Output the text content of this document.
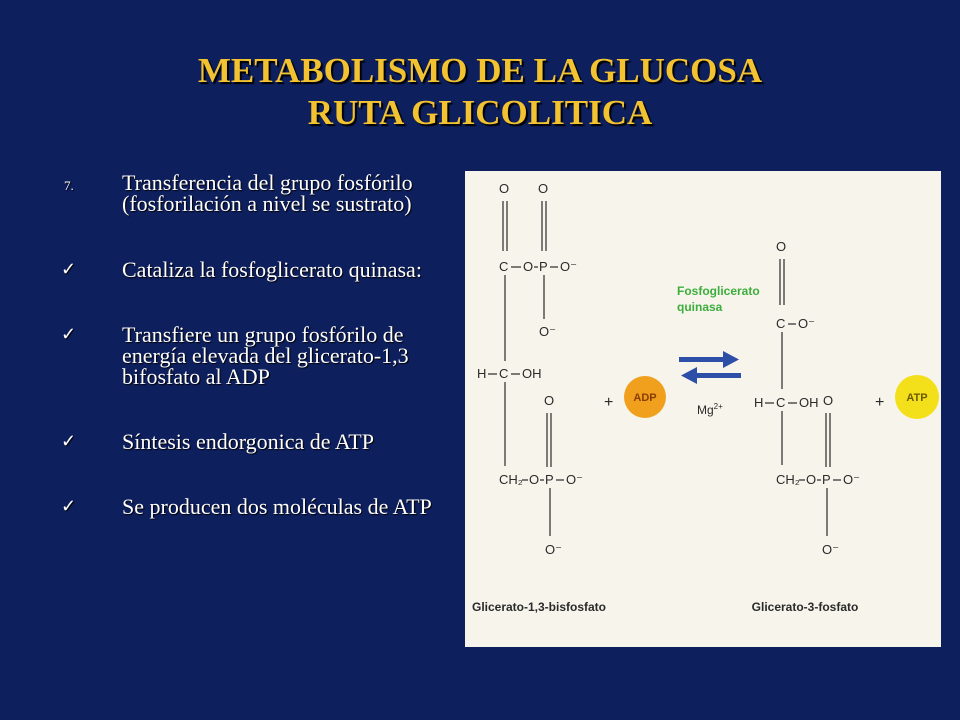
METABOLISMO DE LA GLUCOSA
RUTA GLICOLITICA
7. Transferencia del grupo fosfórilo (fosforilación a nivel se sustrato)
✓ Cataliza la fosfoglicerato quinasa:
✓ Transfiere un grupo fosfórilo de energía elevada del glicerato-1,3 bifosfato al ADP
✓ Síntesis endorgonica de ATP
✓ Se producen dos moléculas de ATP
O O
C O P O⁻
O⁻
H C OH
O
CH₂ O P O⁻
O⁻
+	+
O
C O⁻
H C OH O
CH₂ O P O⁻
O⁻
ADP	ATP
Fosfoglicerato
quinasa
$Mg^{2+}$
Glicerato-1,3-bisfosfato	Glicerato-3-fosfato
